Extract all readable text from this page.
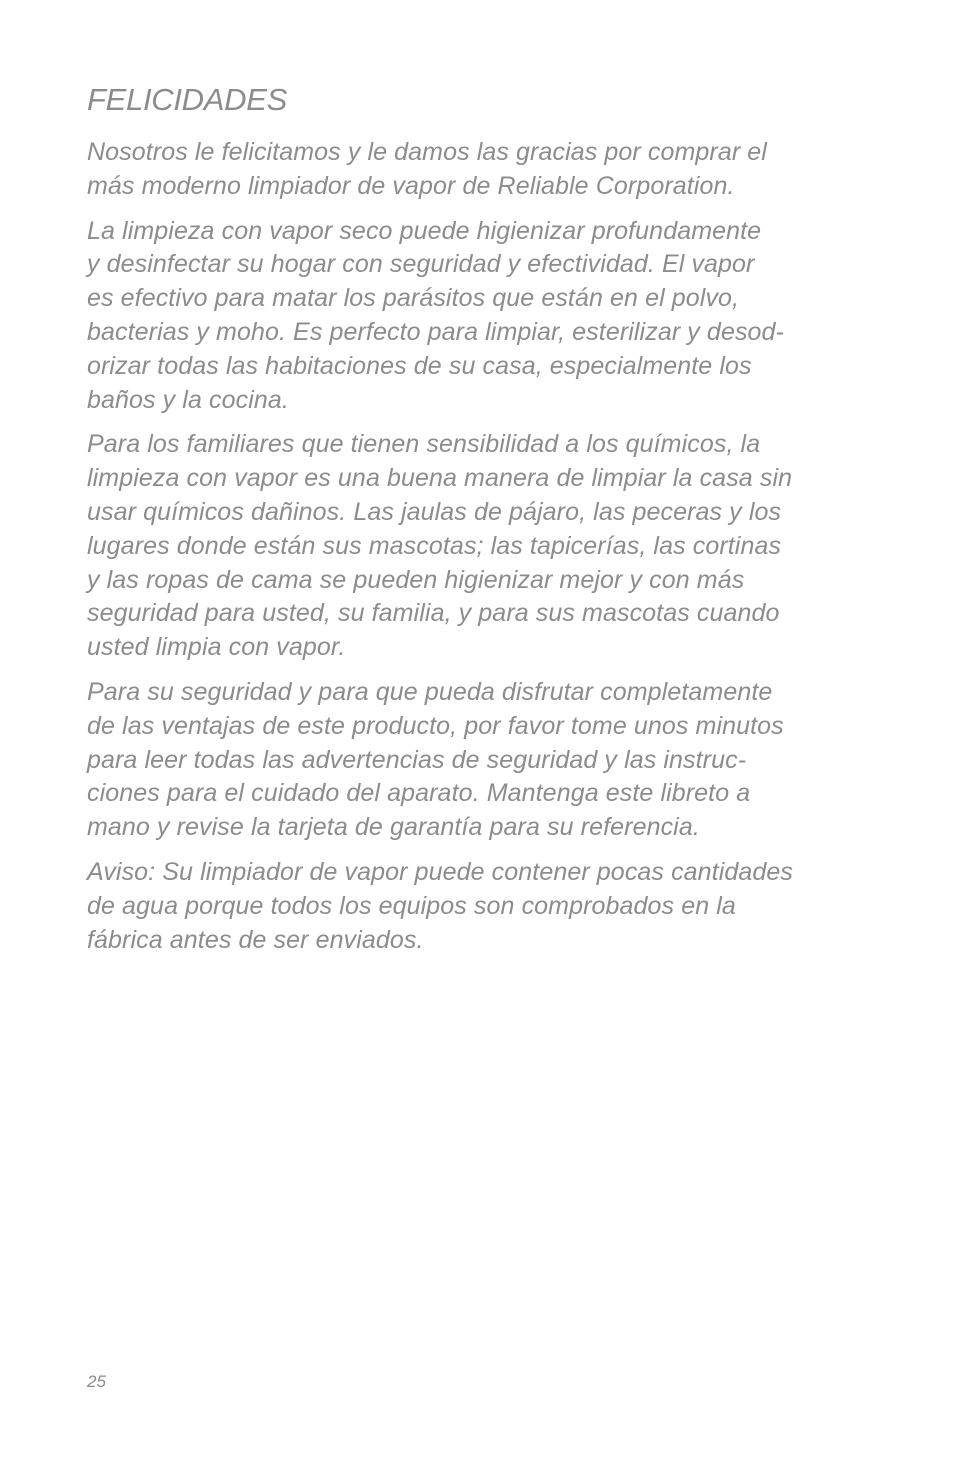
FELICIDADES

Nosotros le felicitamos y le damos las gracias por comprar el
más moderno limpiador de vapor de Reliable Corporation.

La limpieza con vapor seco puede higienizar profundamente
y desinfectar su hogar con seguridad y efectividad. El vapor
es efectivo para matar los parásitos que están en el polvo,
bacterias y moho. Es perfecto para limpiar, esterilizar y desod-
orizar todas las habitaciones de su casa, especialmente los
baños y la cocina.

Para los familiares que tienen sensibilidad a los químicos, la
limpieza con vapor es una buena manera de limpiar la casa sin
usar químicos dañinos. Las jaulas de pájaro, las peceras y los
lugares donde están sus mascotas; las tapicerías, las cortinas
y las ropas de cama se pueden higienizar mejor y con más
seguridad para usted, su familia, y para sus mascotas cuando
usted limpia con vapor.

Para su seguridad y para que pueda disfrutar completamente
de las ventajas de este producto, por favor tome unos minutos
para leer todas las advertencias de seguridad y las instruc-
ciones para el cuidado del aparato. Mantenga este libreto a
mano y revise la tarjeta de garantía para su referencia.

Aviso: Su limpiador de vapor puede contener pocas cantidades
de agua porque todos los equipos son comprobados en la
fábrica antes de ser enviados.

25
